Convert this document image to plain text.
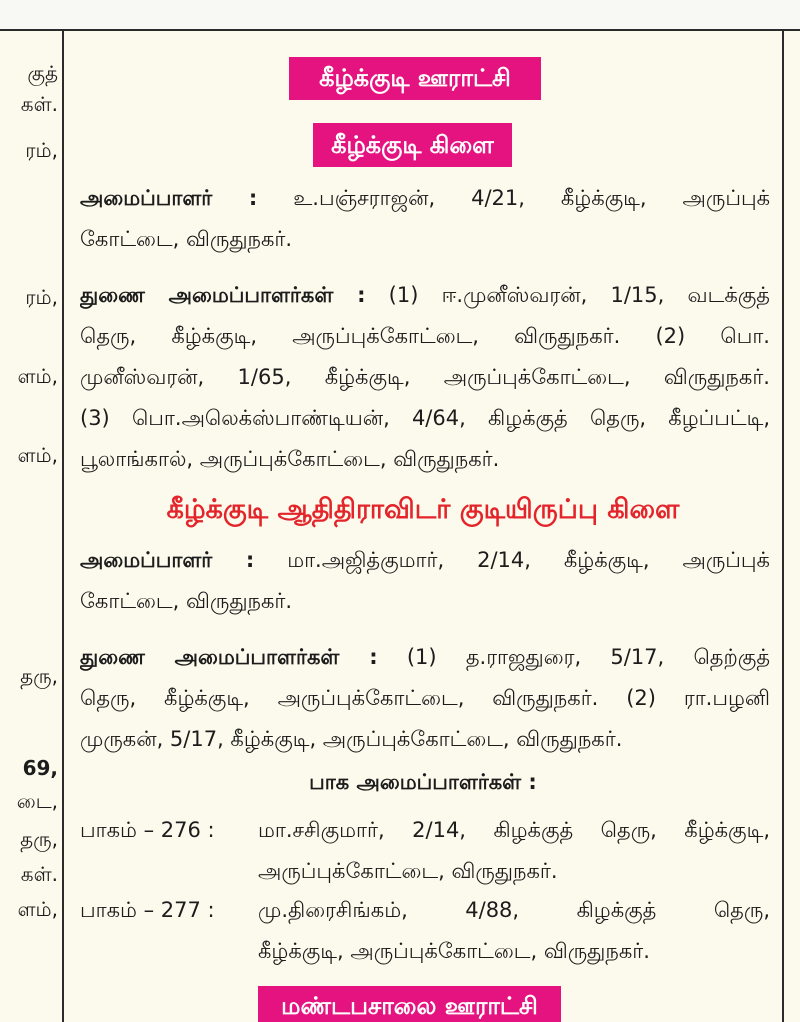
குத்
கள்.
ரம்,
ரம்,
ளம்,
ளம்,
தரு,
69,
டை,
தரு,
கள்.
ளம்,
கீழ்க்குடி ஊராட்சி
கீழ்க்குடி கிளை
அமைப்பாளர் : உ.பஞ்சராஜன், 4/21, கீழ்க்குடி, அருப்புக்
கோட்டை, விருதுநகர்.
துணை அமைப்பாளர்கள் : (1) ஈ.முனீஸ்வரன், 1/15, வடக்குத்
தெரு, கீழ்க்குடி, அருப்புக்கோட்டை, விருதுநகர். (2) பொ.
முனீஸ்வரன், 1/65, கீழ்க்குடி, அருப்புக்கோட்டை, விருதுநகர்.
(3) பொ.அலெக்ஸ்பாண்டியன், 4/64, கிழக்குத் தெரு, கீழப்பட்டி,
பூலாங்கால், அருப்புக்கோட்டை, விருதுநகர்.
கீழ்க்குடி ஆதிதிராவிடர் குடியிருப்பு கிளை
அமைப்பாளர் : மா.அஜித்குமார், 2/14, கீழ்க்குடி, அருப்புக்
கோட்டை, விருதுநகர்.
துணை அமைப்பாளர்கள் : (1) த.ராஜதுரை, 5/17, தெற்குத்
தெரு, கீழ்க்குடி, அருப்புக்கோட்டை, விருதுநகர். (2) ரா.பழனி
முருகன், 5/17, கீழ்க்குடி, அருப்புக்கோட்டை, விருதுநகர்.
பாக அமைப்பாளர்கள் :
பாகம் – 276 :	மா.சசிகுமார், 2/14, கிழக்குத் தெரு, கீழ்க்குடி,
அருப்புக்கோட்டை, விருதுநகர்.
பாகம் – 277 :	மு.திரைசிங்கம், 4/88, கிழக்குத் தெரு,
கீழ்க்குடி, அருப்புக்கோட்டை, விருதுநகர்.
மண்டபசாலை ஊராட்சி
